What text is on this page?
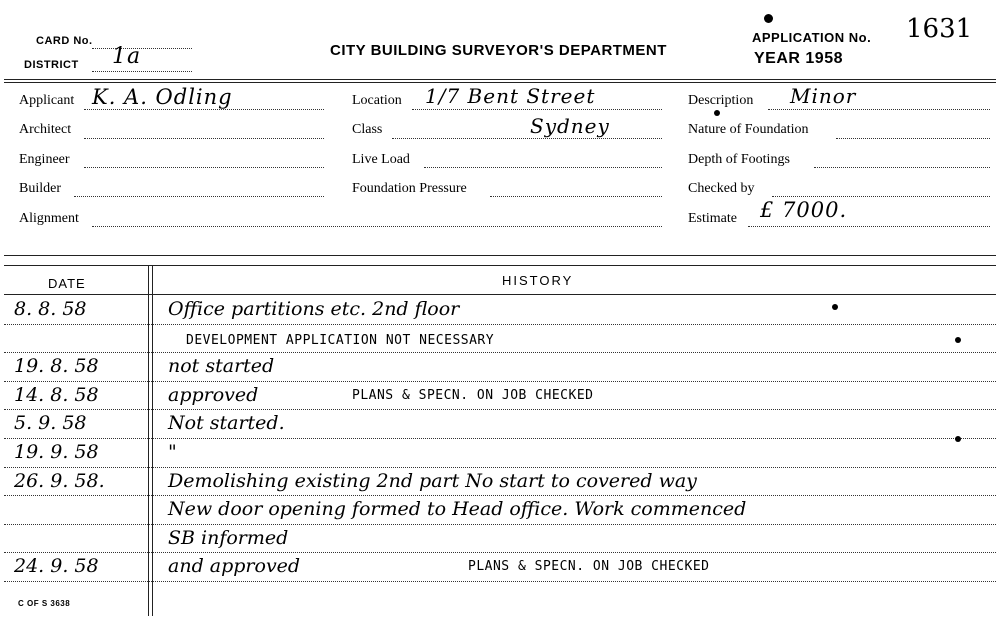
CARD No.
DISTRICT 1a	CITY BUILDING SURVEYOR'S DEPARTMENT
APPLICATION No. 1631
YEAR 1958
Applicant K. A. Odling
Architect
Engineer
Builder
Alignment
Location 1/7 Bent Street
Class	Sydney
Live Load
Foundation Pressure
Description Minor
Nature of Foundation
Depth of Footings
Checked by
Estimate £ 7000.
DATE	HISTORY
8. 8. 58	Office partitions etc. 2nd floor
DEVELOPMENT APPLICATION NOT NECESSARY
19. 8. 58	not started
14. 8. 58	approved	PLANS & SPECN. ON JOB CHECKED
5. 9. 58	Not started.
19. 9. 58	"
26. 9. 58.	Demolishing existing 2nd part No start to covered way
New door opening formed to Head office. Work commenced
SB informed
24. 9. 58	and approved	PLANS & SPECN. ON JOB CHECKED
C OF S 3638
